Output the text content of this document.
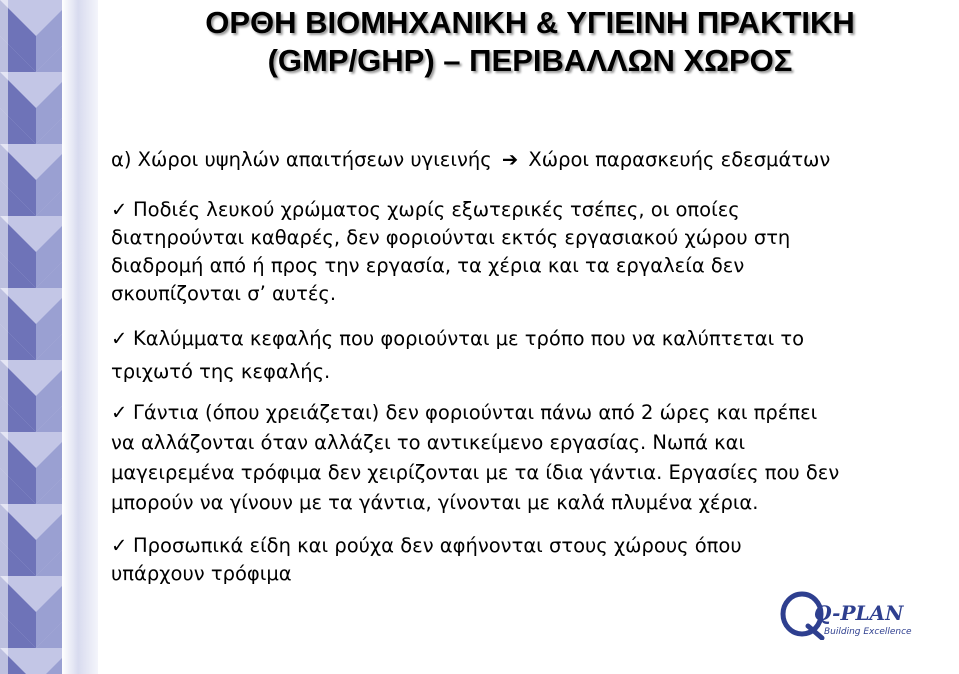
ΟΡΘΗ ΒΙΟΜΗΧΑΝΙΚΗ & ΥΓΙΕΙΝΗ ΠΡΑΚΤΙΚΗ
(GMP/GHP) – ΠΕΡΙΒΑΛΛΩΝ ΧΩΡΟΣ
α) Χώροι υψηλών απαιτήσεων υγιεινής ➔ Χώροι παρασκευής εδεσμάτων
✓ Ποδιές λευκού χρώματος χωρίς εξωτερικές τσέπες, οι οποίες
διατηρούνται καθαρές, δεν φοριούνται εκτός εργασιακού χώρου στη
διαδρομή από ή προς την εργασία, τα χέρια και τα εργαλεία δεν
σκουπίζονται σ’ αυτές.
✓ Καλύμματα κεφαλής που φοριούνται με τρόπο που να καλύπτεται το
τριχωτό της κεφαλής.
✓ Γάντια (όπου χρειάζεται) δεν φοριούνται πάνω από 2 ώρες και πρέπει
να αλλάζονται όταν αλλάζει το αντικείμενο εργασίας. Νωπά και
μαγειρεμένα τρόφιμα δεν χειρίζονται με τα ίδια γάντια. Εργασίες που δεν
μπορούν να γίνουν με τα γάντια, γίνονται με καλά πλυμένα χέρια.
✓ Προσωπικά είδη και ρούχα δεν αφήνονται στους χώρους όπου
υπάρχουν τρόφιμα
Q-PLAN
Building Excellence
